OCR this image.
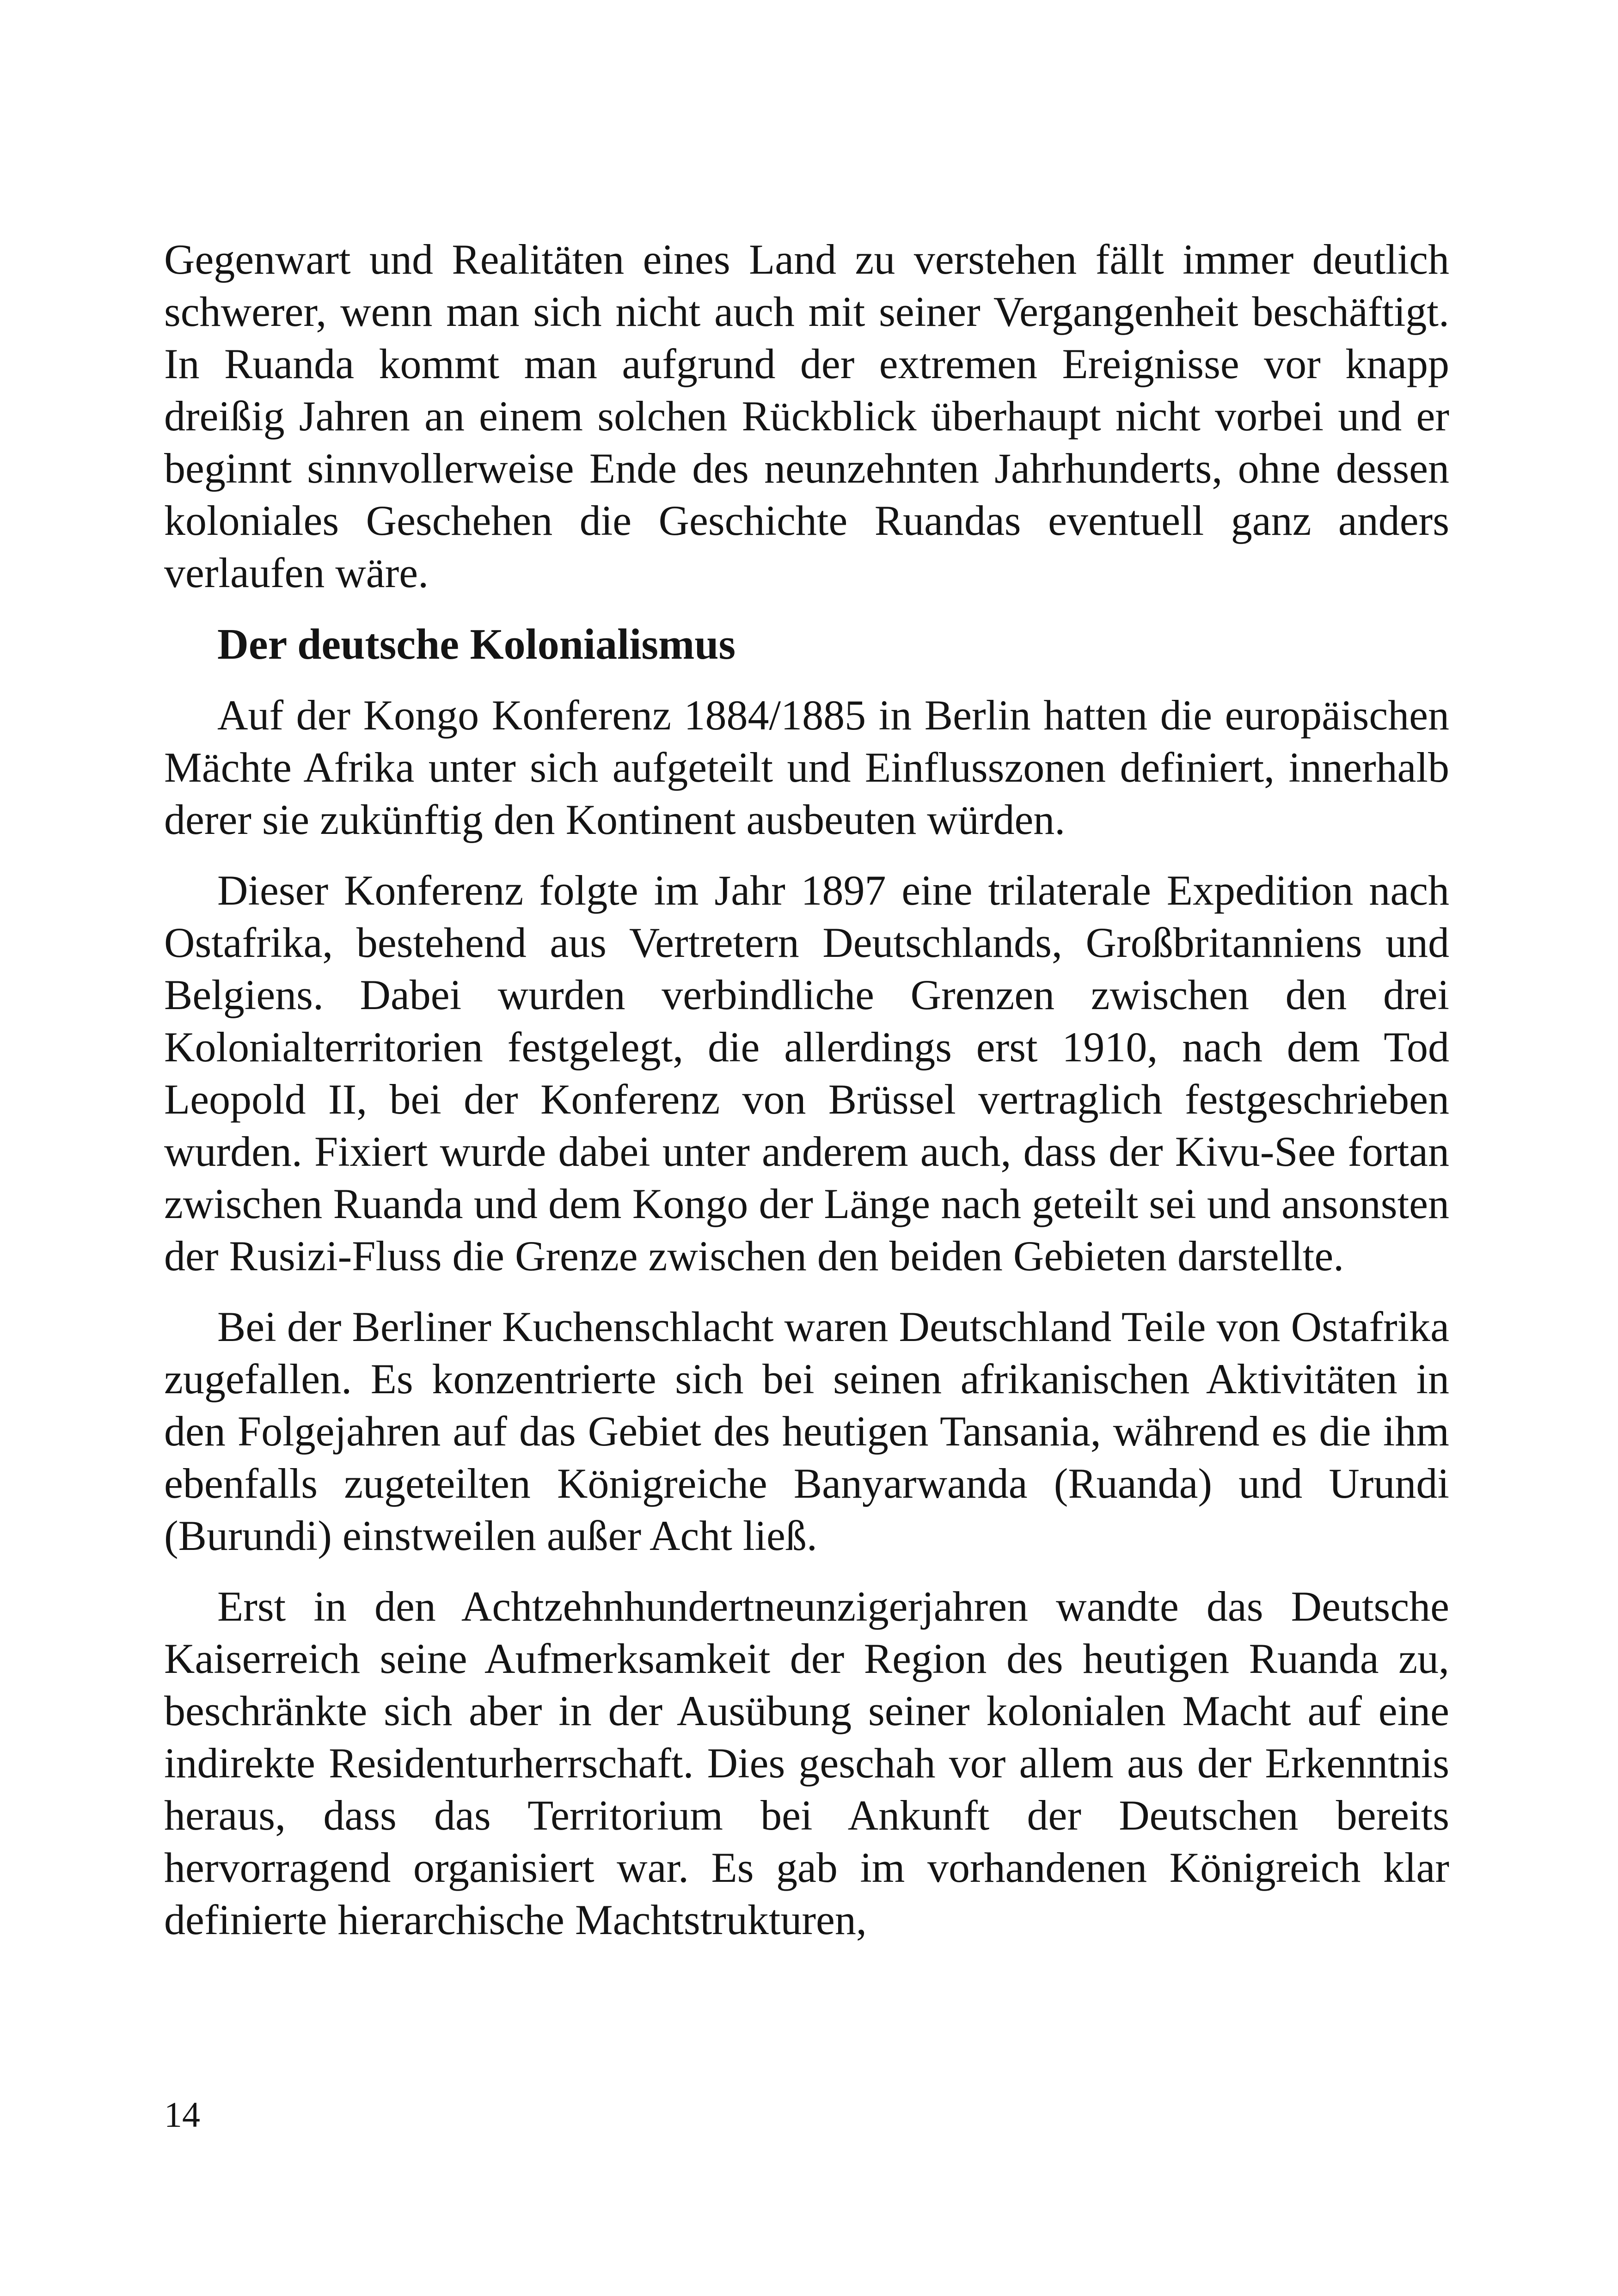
Gegenwart und Realitäten eines Land zu verstehen fällt immer deutlich schwerer, wenn man sich nicht auch mit seiner Vergangenheit beschäftigt. In Ruanda kommt man aufgrund der extremen Ereignisse vor knapp dreißig Jahren an einem solchen Rückblick überhaupt nicht vorbei und er beginnt sinnvollerweise Ende des neunzehnten Jahrhunderts, ohne dessen koloniales Geschehen die Geschichte Ruandas eventuell ganz anders verlaufen wäre.

Der deutsche Kolonialismus

Auf der Kongo Konferenz 1884/1885 in Berlin hatten die europäischen Mächte Afrika unter sich aufgeteilt und Einflusszonen definiert, innerhalb derer sie zukünftig den Kontinent ausbeuten würden.

Dieser Konferenz folgte im Jahr 1897 eine trilaterale Expedition nach Ostafrika, bestehend aus Vertretern Deutschlands, Großbritanniens und Belgiens. Dabei wurden verbindliche Grenzen zwischen den drei Kolonialterritorien festgelegt, die allerdings erst 1910, nach dem Tod Leopold II, bei der Konferenz von Brüssel vertraglich festgeschrieben wurden. Fixiert wurde dabei unter anderem auch, dass der Kivu-See fortan zwischen Ruanda und dem Kongo der Länge nach geteilt sei und ansonsten der Rusizi-Fluss die Grenze zwischen den beiden Gebieten darstellte.

Bei der Berliner Kuchenschlacht waren Deutschland Teile von Ostafrika zugefallen. Es konzentrierte sich bei seinen afrikanischen Aktivitäten in den Folgejahren auf das Gebiet des heutigen Tansania, während es die ihm ebenfalls zugeteilten Königreiche Banyarwanda (Ruanda) und Urundi (Burundi) einstweilen außer Acht ließ.

Erst in den Achtzehnhundertneunzigerjahren wandte das Deutsche Kaiserreich seine Aufmerksamkeit der Region des heutigen Ruanda zu, beschränkte sich aber in der Ausübung seiner kolonialen Macht auf eine indirekte Residenturherrschaft. Dies geschah vor allem aus der Erkenntnis heraus, dass das Territorium bei Ankunft der Deutschen bereits hervorragend organisiert war. Es gab im vorhandenen Königreich klar definierte hierarchische Machtstrukturen,

14
